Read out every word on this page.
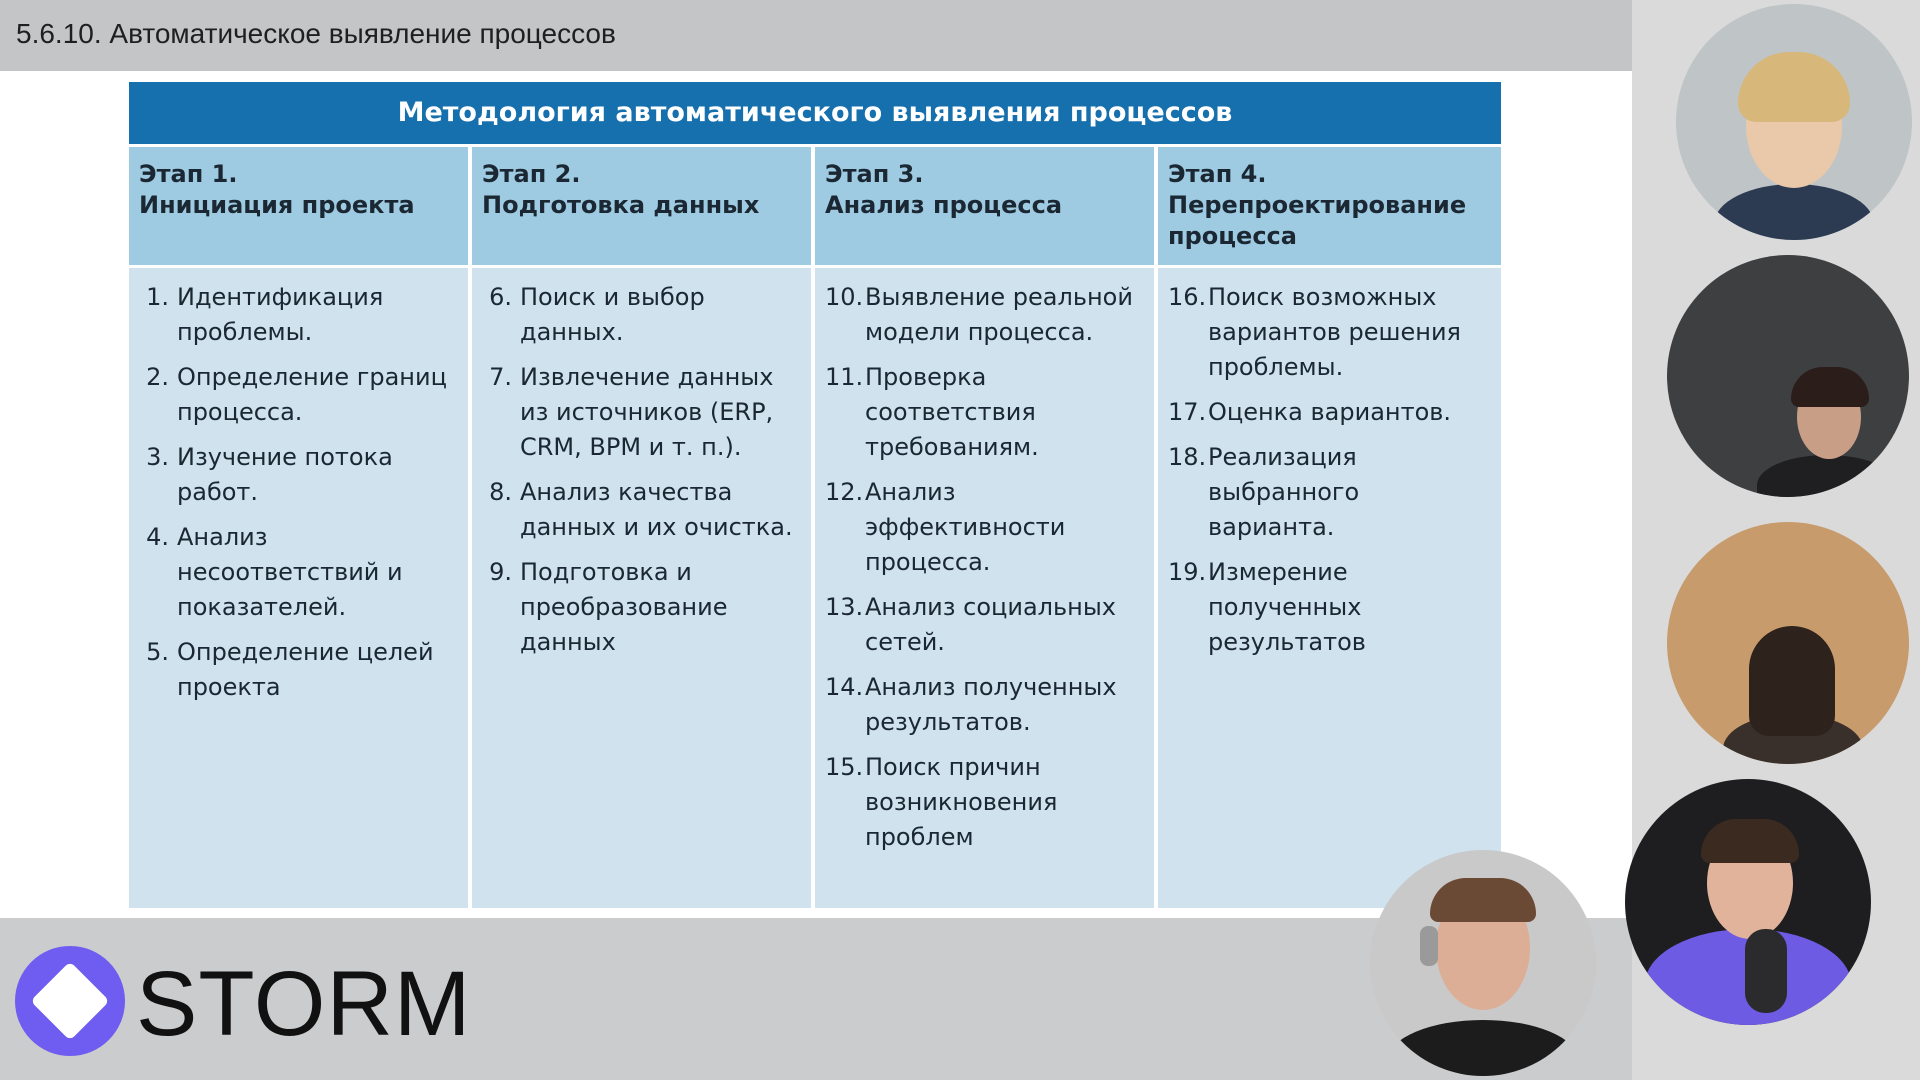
5.6.10. Автоматическое выявление процессов
Методология автоматического выявления процессов
Этап 1.
Инициация проекта
Этап 2.
Подготовка данных
Этап 3.
Анализ процесса
Этап 4.
Перепроектирование процесса
1. Идентификация проблемы.
2. Определение границ процесса.
3. Изучение потока работ.
4. Анализ несоответствий и показателей.
5. Определение целей проекта
6. Поиск и выбор данных.
7. Извлечение данных из источников (ERP, CRM, BPM и т. п.).
8. Анализ качества данных и их очистка.
9. Подготовка и преобразование данных
10. Выявление реальной модели процесса.
11. Проверка соответствия требованиям.
12. Анализ эффективности процесса.
13. Анализ социальных сетей.
14. Анализ полученных результатов.
15. Поиск причин возникновения проблем
16. Поиск возможных вариантов решения проблемы.
17. Оценка вариантов.
18. Реализация выбранного варианта.
19. Измерение полученных результатов
STORM
